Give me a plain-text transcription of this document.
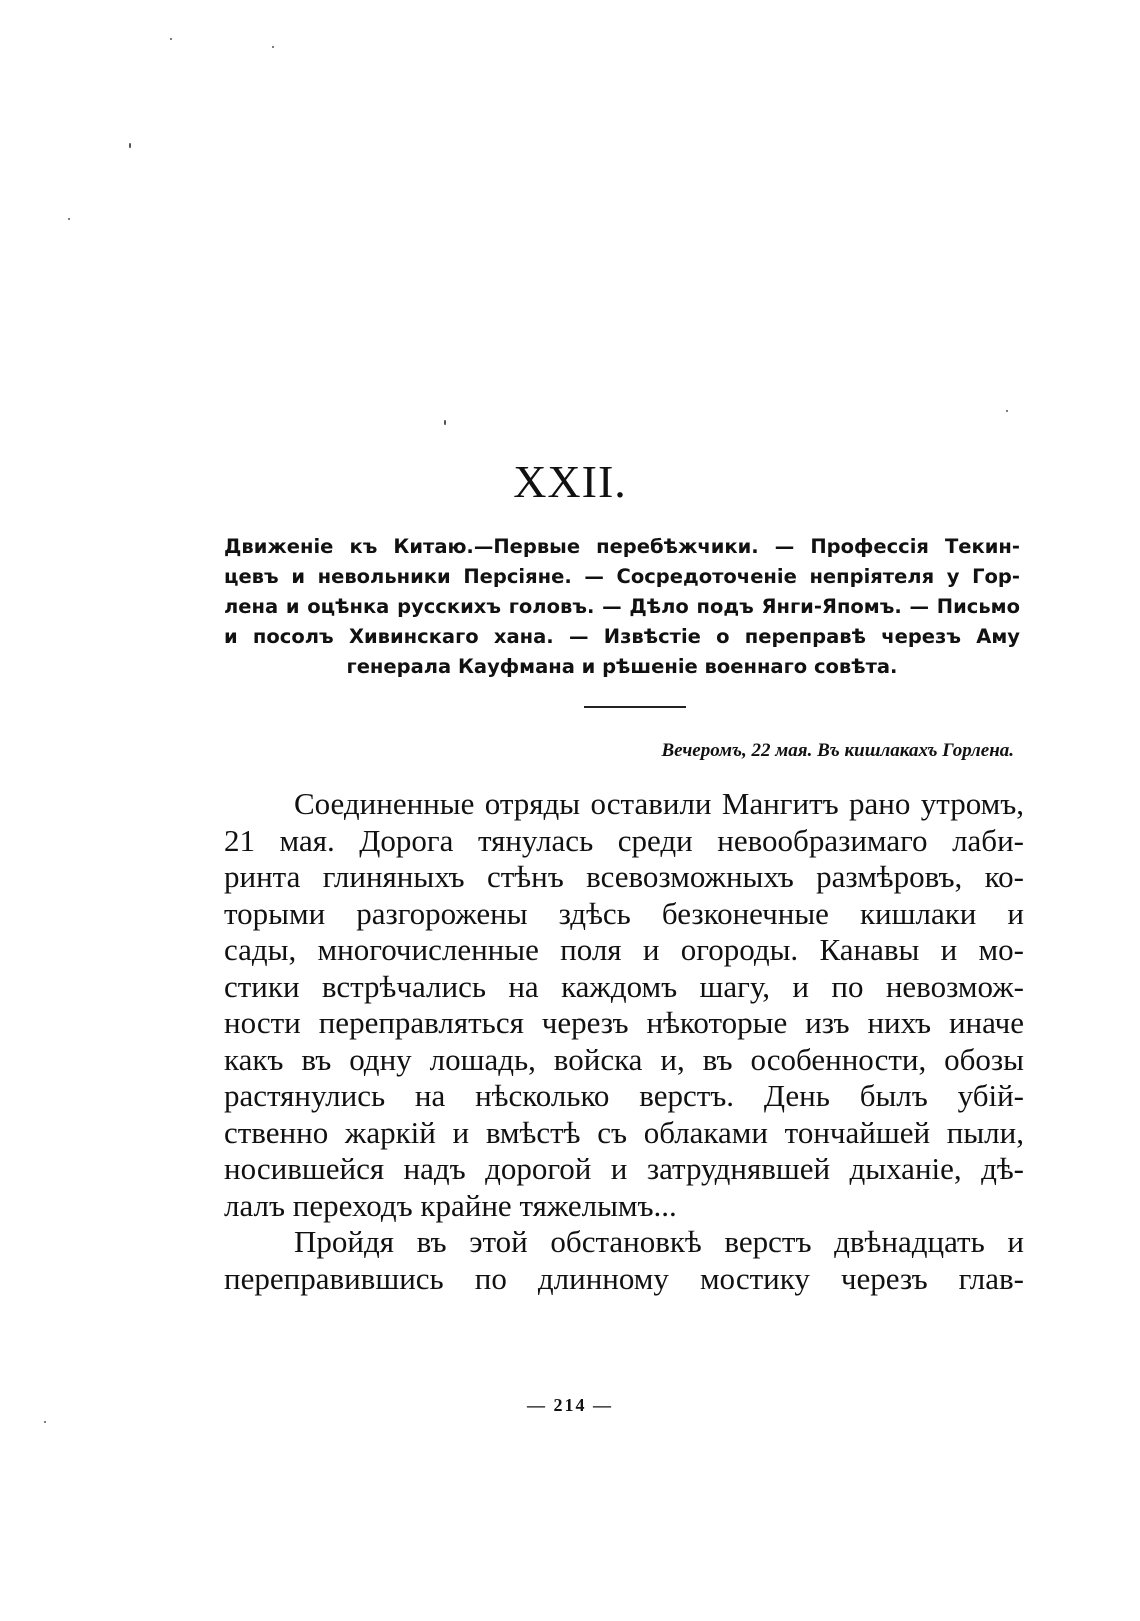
XXII.
Движеніе къ Китаю.—Первые перебѣжчики. — Профессія Текин-
цевъ и невольники Персіяне. — Сосредоточеніе непріятеля у Гор-
лена и оцѣнка русскихъ головъ. — Дѣло подъ Янги-Япомъ. — Письмо
и посолъ Хивинскаго хана. — Извѣстіе о переправѣ черезъ Аму
генерала Кауфмана и рѣшеніе военнаго совѣта.
Вечеромъ, 22 мая. Въ кишлакахъ Горлена.
Соединенные отряды оставили Мангитъ рано утромъ,
21 мая. Дорога тянулась среди невообразимаго лаби-
ринта глиняныхъ стѣнъ всевозможныхъ размѣровъ, ко-
торыми разгорожены здѣсь безконечные кишлаки и
сады, многочисленные поля и огороды. Канавы и мо-
стики встрѣчались на каждомъ шагу, и по невозмож-
ности переправляться черезъ нѣкоторые изъ нихъ иначе
какъ въ одну лошадь, войска и, въ особенности, обозы
растянулись на нѣсколько верстъ. День былъ убій-
ственно жаркій и вмѣстѣ съ облаками тончайшей пыли,
носившейся надъ дорогой и затруднявшей дыханіе, дѣ-
лалъ переходъ крайне тяжелымъ...
Пройдя въ этой обстановкѣ верстъ двѣнадцать и
переправившись по длинному мостику черезъ глав-
— 214 —
